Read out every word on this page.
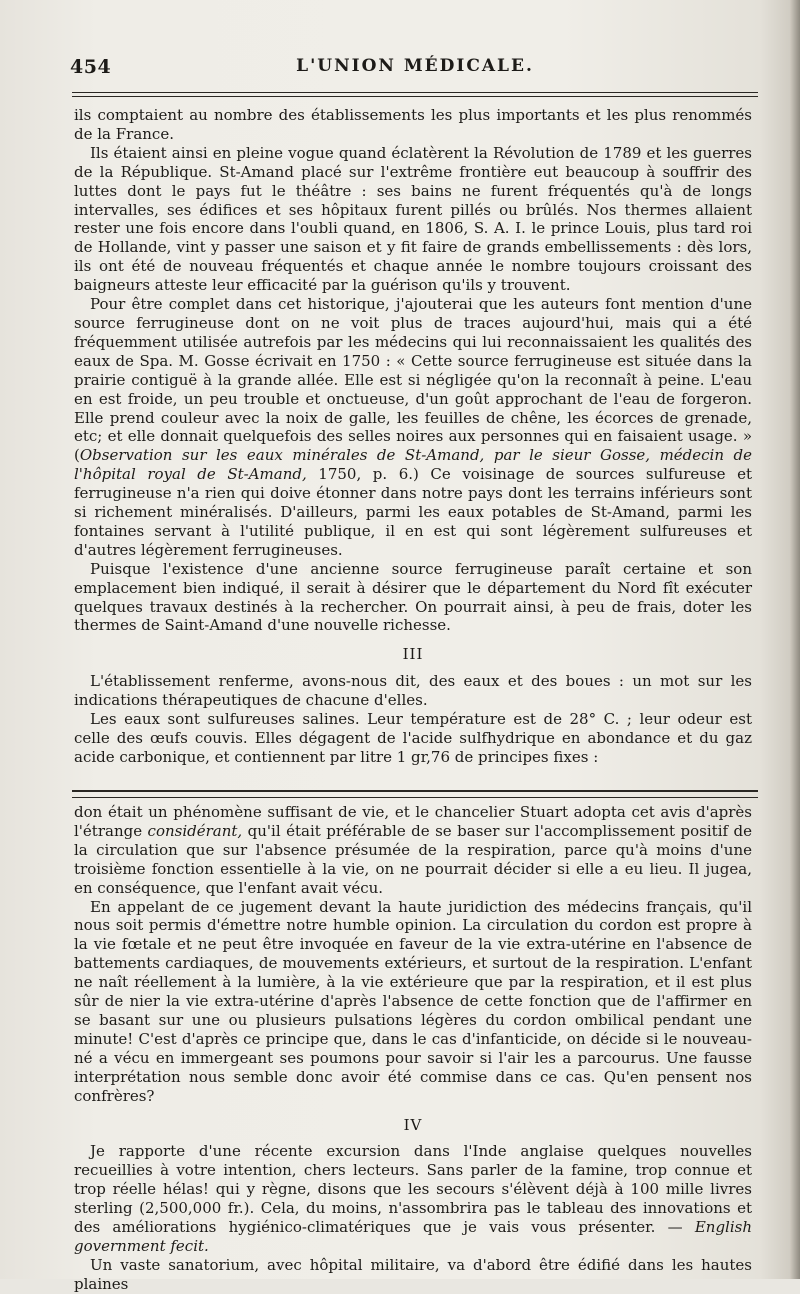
454	L'UNION MÉDICALE.

ils comptaient au nombre des établissements les plus importants et les plus renommés de la France.

Ils étaient ainsi en pleine vogue quand éclatèrent la Révolution de 1789 et les guerres de la République. St-Amand placé sur l'extrême frontière eut beaucoup à souffrir des luttes dont le pays fut le théâtre : ses bains ne furent fréquentés qu'à de longs intervalles, ses édifices et ses hôpitaux furent pillés ou brûlés. Nos thermes allaient rester une fois encore dans l'oubli quand, en 1806, S. A. I. le prince Louis, plus tard roi de Hollande, vint y passer une saison et y fit faire de grands embellissements : dès lors, ils ont été de nouveau fréquentés et chaque année le nombre toujours croissant des baigneurs atteste leur efficacité par la guérison qu'ils y trouvent.

Pour être complet dans cet historique, j'ajouterai que les auteurs font mention d'une source ferrugineuse dont on ne voit plus de traces aujourd'hui, mais qui a été fréquemment utilisée autrefois par les médecins qui lui reconnaissaient les qualités des eaux de Spa. M. Gosse écrivait en 1750 : « Cette source ferrugineuse est située dans la prairie contiguë à la grande allée. Elle est si négligée qu'on la reconnaît à peine. L'eau en est froide, un peu trouble et onctueuse, d'un goût approchant de l'eau de forgeron. Elle prend couleur avec la noix de galle, les feuilles de chêne, les écorces de grenade, etc; et elle donnait quelquefois des selles noires aux personnes qui en faisaient usage. » (Observation sur les eaux minérales de St-Amand, par le sieur Gosse, médecin de l'hôpital royal de St-Amand, 1750, p. 6.) Ce voisinage de sources sulfureuse et ferrugineuse n'a rien qui doive étonner dans notre pays dont les terrains inférieurs sont si richement minéralisés. D'ailleurs, parmi les eaux potables de St-Amand, parmi les fontaines servant à l'utilité publique, il en est qui sont légèrement sulfureuses et d'autres légèrement ferrugineuses.

Puisque l'existence d'une ancienne source ferrugineuse paraît certaine et son emplacement bien indiqué, il serait à désirer que le département du Nord fît exécuter quelques travaux destinés à la rechercher. On pourrait ainsi, à peu de frais, doter les thermes de Saint-Amand d'une nouvelle richesse.

III

L'établissement renferme, avons-nous dit, des eaux et des boues : un mot sur les indications thérapeutiques de chacune d'elles.

Les eaux sont sulfureuses salines. Leur température est de 28° C. ; leur odeur est celle des œufs couvis. Elles dégagent de l'acide sulfhydrique en abondance et du gaz acide carbonique, et contiennent par litre 1 gr,76 de principes fixes :

don était un phénomène suffisant de vie, et le chancelier Stuart adopta cet avis d'après l'étrange considérant, qu'il était préférable de se baser sur l'accomplissement positif de la circulation que sur l'absence présumée de la respiration, parce qu'à moins d'une troisième fonction essentielle à la vie, on ne pourrait décider si elle a eu lieu. Il jugea, en conséquence, que l'enfant avait vécu.

En appelant de ce jugement devant la haute juridiction des médecins français, qu'il nous soit permis d'émettre notre humble opinion. La circulation du cordon est propre à la vie fœtale et ne peut être invoquée en faveur de la vie extra-utérine en l'absence de battements cardiaques, de mouvements extérieurs, et surtout de la respiration. L'enfant ne naît réellement à la lumière, à la vie extérieure que par la respiration, et il est plus sûr de nier la vie extra-utérine d'après l'absence de cette fonction que de l'affirmer en se basant sur une ou plusieurs pulsations légères du cordon ombilical pendant une minute! C'est d'après ce principe que, dans le cas d'infanticide, on décide si le nouveau-né a vécu en immergeant ses poumons pour savoir si l'air les a parcourus. Une fausse interprétation nous semble donc avoir été commise dans ce cas. Qu'en pensent nos confrères?

IV

Je rapporte d'une récente excursion dans l'Inde anglaise quelques nouvelles recueillies à votre intention, chers lecteurs. Sans parler de la famine, trop connue et trop réelle hélas! qui y règne, disons que les secours s'élèvent déjà à 100 mille livres sterling (2,500,000 fr.). Cela, du moins, n'assombrira pas le tableau des innovations et des améliorations hygiénico-climatériques que je vais vous présenter. — English government fecit.

Un vaste sanatorium, avec hôpital militaire, va d'abord être édifié dans les hautes plaines
